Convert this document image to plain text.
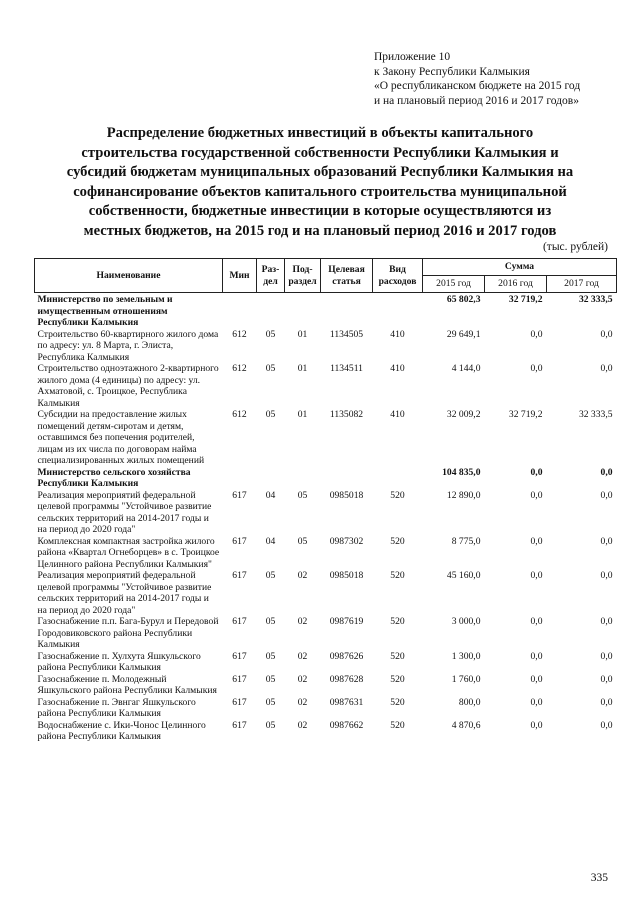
Приложение 10
к Закону Республики Калмыкия
«О республиканском бюджете на 2015 год
и на плановый период 2016 и 2017 годов»
Распределение бюджетных инвестиций в объекты капитального
строительства государственной собственности Республики Калмыкия и
субсидий бюджетам муниципальных образований Республики Калмыкия на
софинансирование объектов капитального строительства муниципальной
собственности, бюджетные инвестиции в которые осуществляются из
местных бюджетов, на 2015 год и на плановый период 2016 и 2017 годов
(тыс. рублей)
Наименование	Мин	Раз-дел	Под-раздел	Целевая статья	Вид расходов	Сумма		
						2015 год	2016 год	2017 год
Министерство по земельным и имущественным отношениям Республики Калмыкия						65 802,3	32 719,2	32 333,5
Строительство 60-квартирного жилого дома по адресу: ул. 8 Марта, г. Элиста, Республика Калмыкия	612	05	01	1134505	410	29 649,1	0,0	0,0
Строительство одноэтажного 2-квартирного жилого дома (4 единицы) по адресу: ул. Ахматовой, с. Троицкое, Республика Калмыкия	612	05	01	1134511	410	4 144,0	0,0	0,0
Субсидии на предоставление жилых помещений детям-сиротам и детям, оставшимся без попечения родителей, лицам из их числа по договорам найма специализированных жилых помещений	612	05	01	1135082	410	32 009,2	32 719,2	32 333,5
Министерство сельского хозяйства Республики Калмыкия						104 835,0	0,0	0,0
Реализация мероприятий федеральной целевой программы "Устойчивое развитие сельских территорий на 2014-2017 годы и на период до 2020 года"	617	04	05	0985018	520	12 890,0	0,0	0,0
Комплексная компактная застройка жилого района «Квартал Огнеборцев» в с. Троицкое Целинного района Республики Калмыкия"	617	04	05	0987302	520	8 775,0	0,0	0,0
Реализация мероприятий федеральной целевой программы "Устойчивое развитие сельских территорий на 2014-2017 годы и на период до 2020 года"	617	05	02	0985018	520	45 160,0	0,0	0,0
Газоснабжение п.п. Бага-Бурул и Передовой Городовиковского района Республики Калмыкия	617	05	02	0987619	520	3 000,0	0,0	0,0
Газоснабжение п. Хулхута Яшкульского района Республики Калмыкия	617	05	02	0987626	520	1 300,0	0,0	0,0
Газоснабжение п. Молодежный Яшкульского района Республики Калмыкия	617	05	02	0987628	520	1 760,0	0,0	0,0
Газоснабжение п. Эвнгаг Яшкульского района Республики Калмыкия	617	05	02	0987631	520	800,0	0,0	0,0
Водоснабжение с. Ики-Чонос Целинного района Республики Калмыкия	617	05	02	0987662	520	4 870,6	0,0	0,0
335
